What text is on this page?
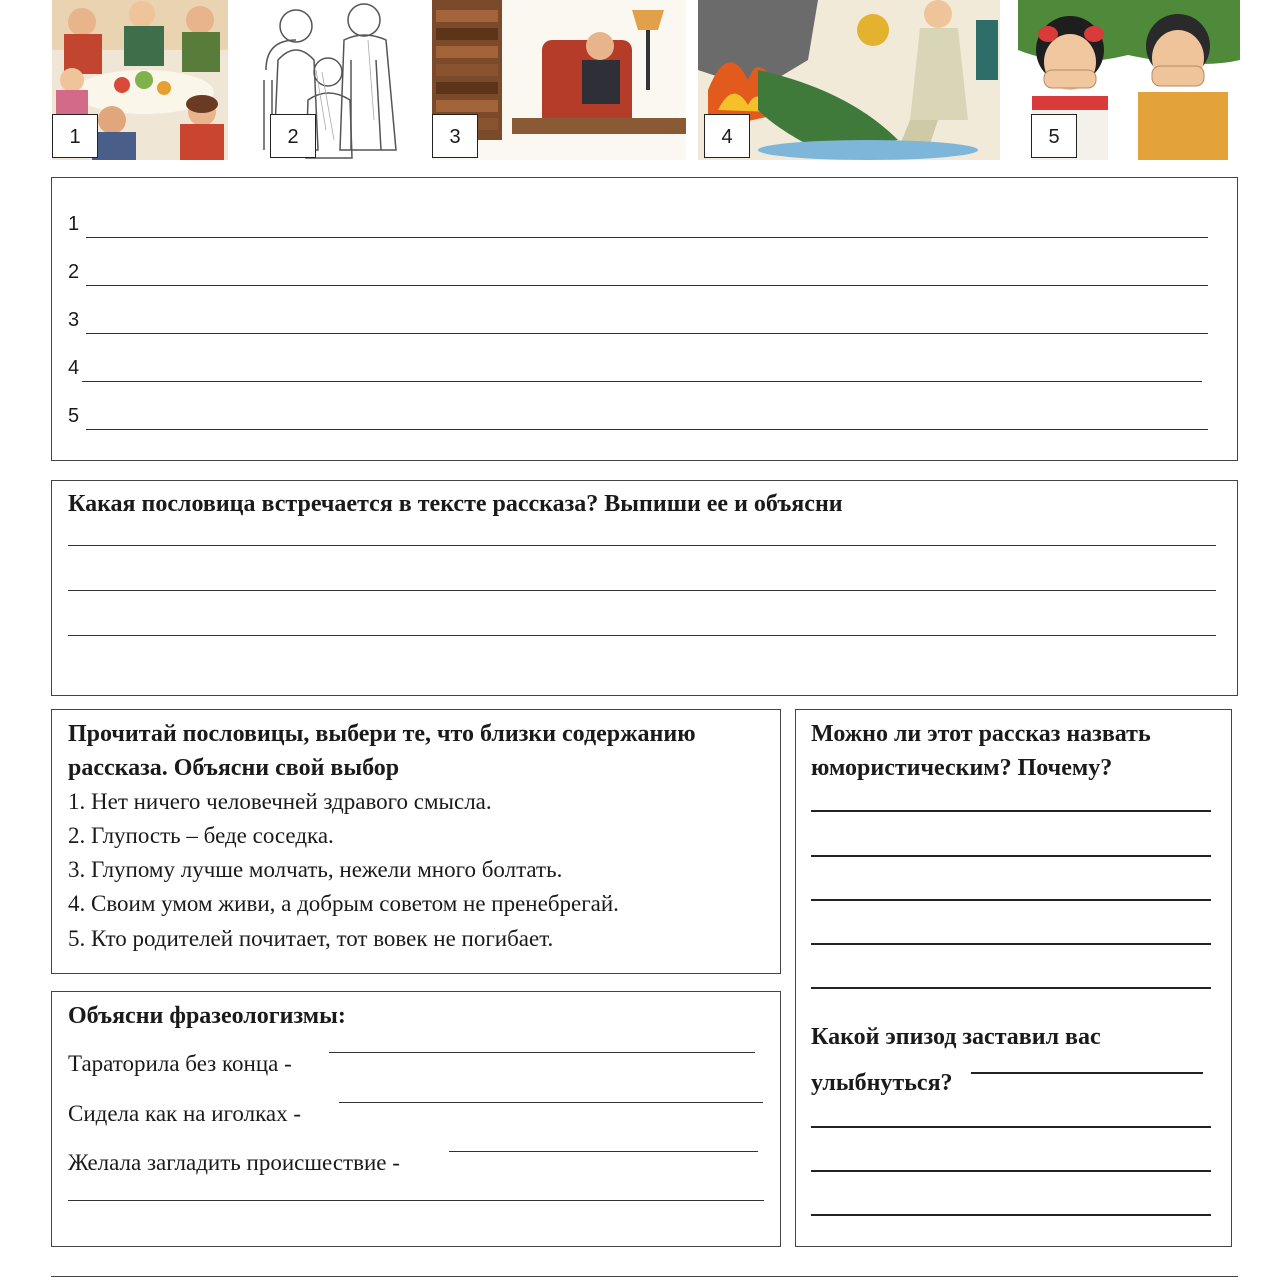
1	2	3	4	5
1
2
3
4
5
Какая пословица встречается в тексте рассказа? Выпиши ее и объясни
Прочитай пословицы, выбери те, что близки содержанию рассказа. Объясни свой выбор
1. Нет ничего человечней здравого смысла.
2. Глупость – беде соседка.
3. Глупому лучше молчать, нежели много болтать.
4. Своим умом живи, а добрым советом не пренебрегай.
5. Кто родителей почитает, тот вовек не погибает.
Объясни фразеологизмы:
Тараторила без конца -
Сидела как на иголках -
Желала загладить происшествие -
Можно ли этот рассказ назвать юмористическим? Почему?
Какой эпизод заставил вас
улыбнуться?
